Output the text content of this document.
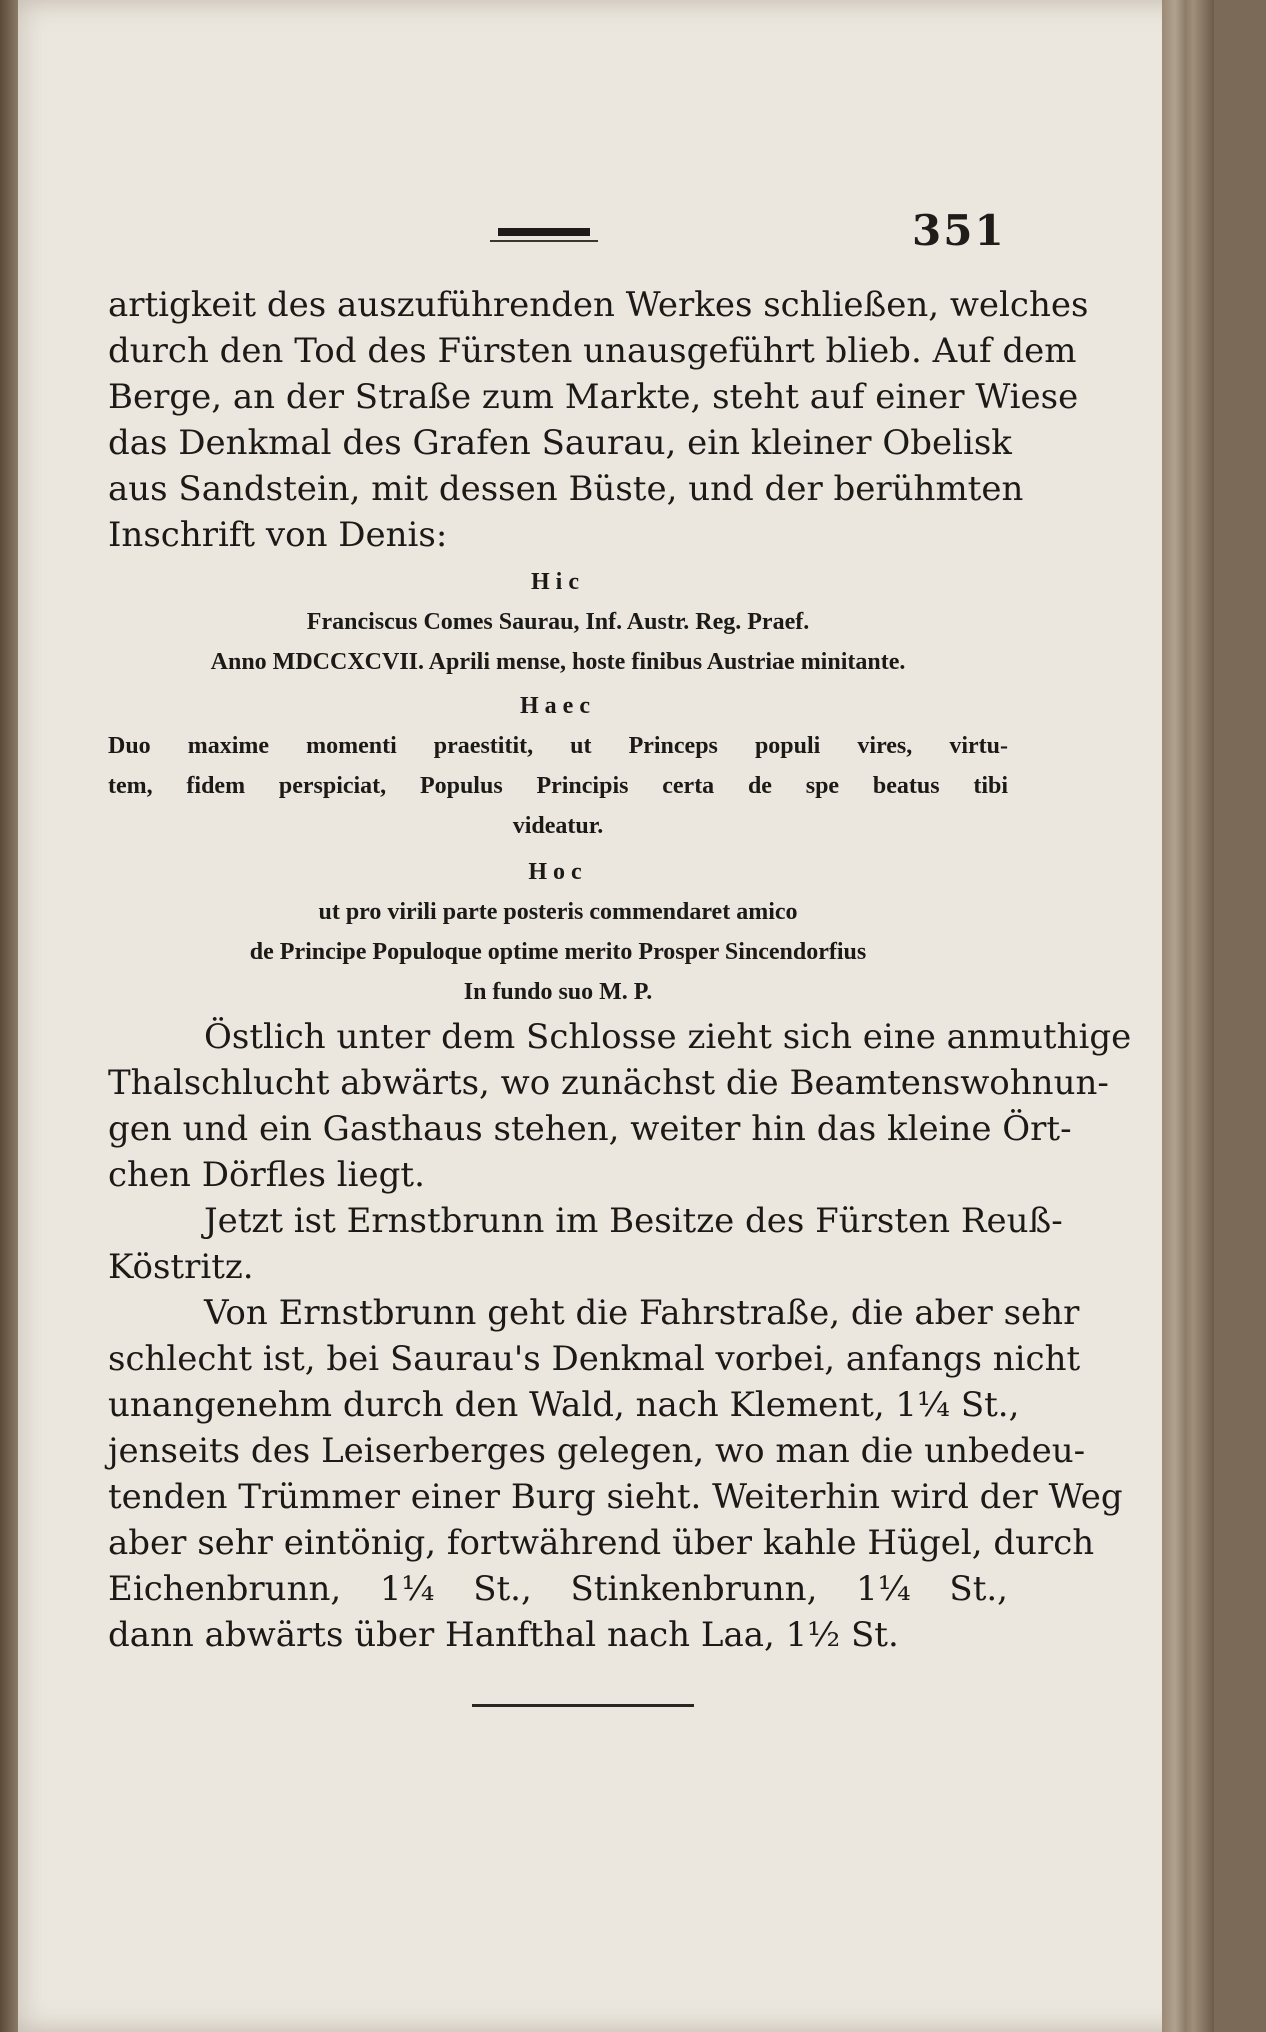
351
artigkeit des auszuführenden Werkes schließen, welches
durch den Tod des Fürsten unausgeführt blieb. Auf dem
Berge, an der Straße zum Markte, steht auf einer Wiese
das Denkmal des Grafen Saurau, ein kleiner Obelisk
aus Sandstein, mit dessen Büste, und der berühmten
Inschrift von Denis:
Hic
Franciscus Comes Saurau, Inf. Austr. Reg. Praef.
Anno MDCCXCVII. Aprili mense, hoste finibus Austriae minitante.
Haec
Duo maxime momenti praestitit, ut Princeps populi vires, virtu-
tem, fidem perspiciat, Populus Principis certa de spe beatus tibi
videatur.
Hoc
ut pro virili parte posteris commendaret amico
de Principe Populoque optime merito Prosper Sincendorfius
In fundo suo M. P.
Östlich unter dem Schlosse zieht sich eine anmuthige
Thalschlucht abwärts, wo zunächst die Beamtenswohnun-
gen und ein Gasthaus stehen, weiter hin das kleine Ört-
chen Dörfles liegt.
Jetzt ist Ernstbrunn im Besitze des Fürsten Reuß-
Köstritz.
Von Ernstbrunn geht die Fahrstraße, die aber sehr
schlecht ist, bei Saurau's Denkmal vorbei, anfangs nicht
unangenehm durch den Wald, nach Klement, 1¼ St.,
jenseits des Leiserberges gelegen, wo man die unbedeu-
tenden Trümmer einer Burg sieht. Weiterhin wird der Weg
aber sehr eintönig, fortwährend über kahle Hügel, durch
Eichenbrunn, 1¼ St., Stinkenbrunn, 1¼ St.,
dann abwärts über Hanfthal nach Laa, 1½ St.
